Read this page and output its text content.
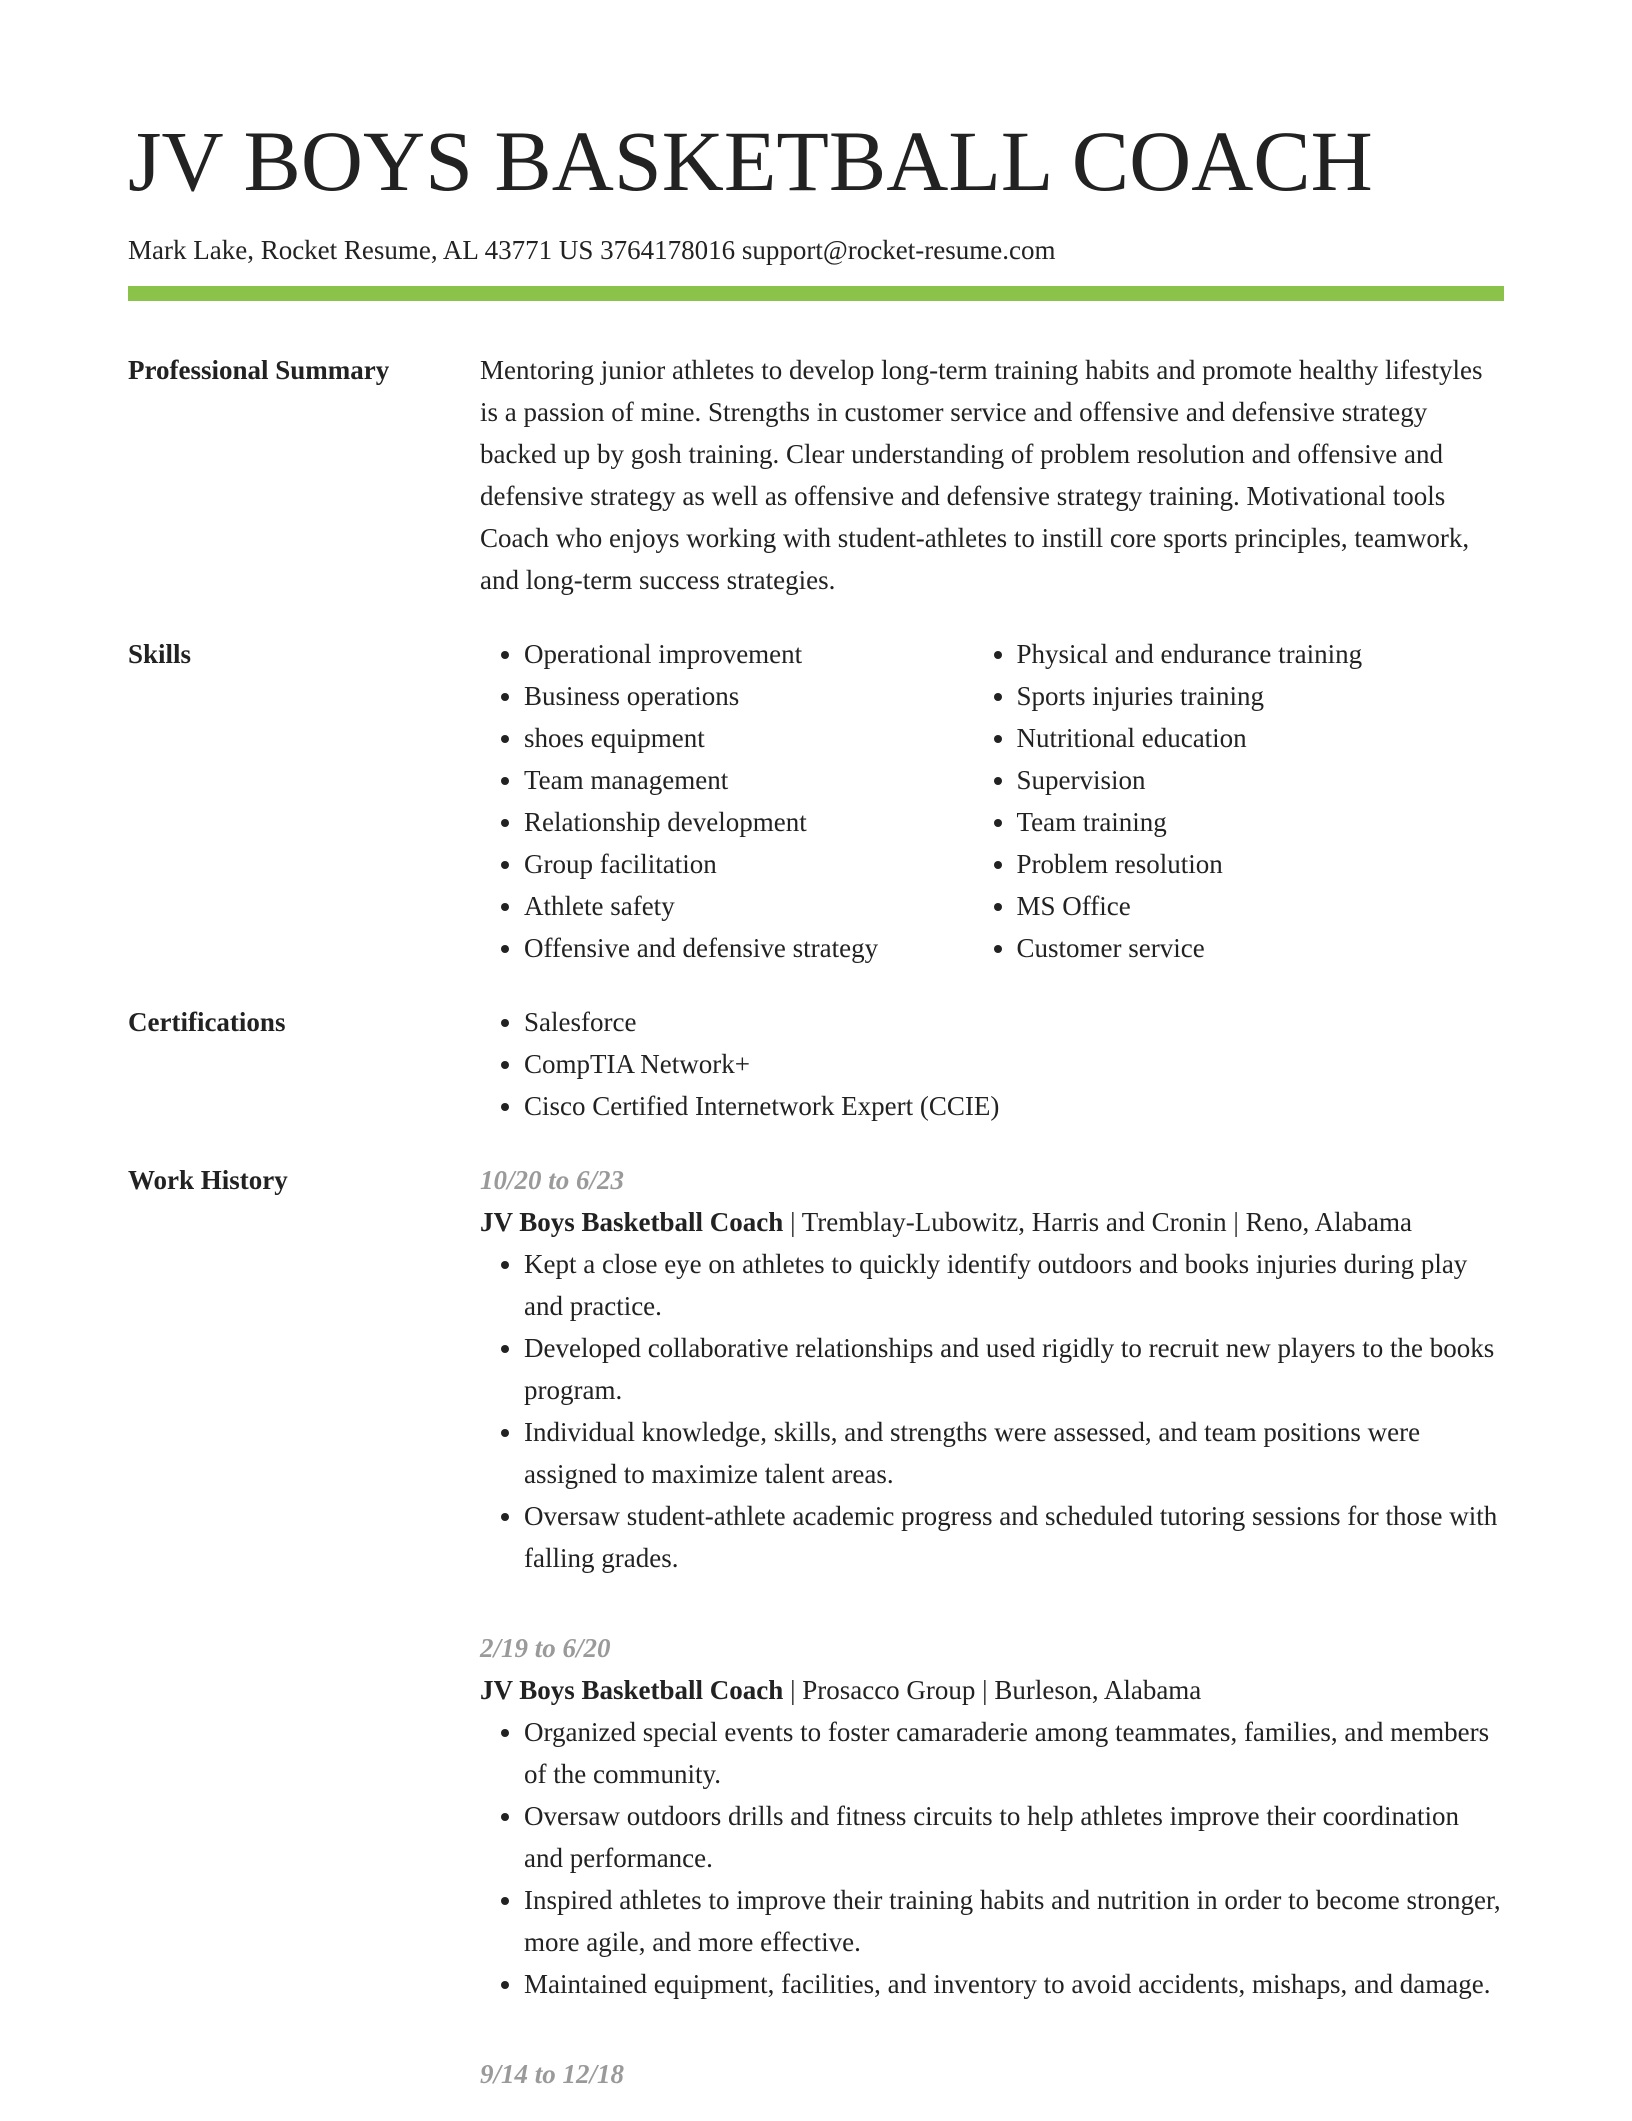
JV BOYS BASKETBALL COACH
Mark Lake, Rocket Resume, AL 43771 US 3764178016 support@rocket-resume.com
Professional Summary	Mentoring junior athletes to develop long-term training habits and promote healthy lifestyles is a passion of mine. Strengths in customer service and offensive and defensive strategy backed up by gosh training. Clear understanding of problem resolution and offensive and defensive strategy as well as offensive and defensive strategy training. Motivational tools Coach who enjoys working with student-athletes to instill core sports principles, teamwork, and long-term success strategies.

Skills	• Operational improvement
• Business operations
• shoes equipment
• Team management
• Relationship development
• Group facilitation
• Athlete safety
• Offensive and defensive strategy
• Physical and endurance training
• Sports injuries training
• Nutritional education
• Supervision
• Team training
• Problem resolution
• MS Office
• Customer service
Certifications	• Salesforce
• CompTIA Network+
• Cisco Certified Internetwork Expert (CCIE)
Work History	10/20 to 6/23
JV Boys Basketball Coach | Tremblay-Lubowitz, Harris and Cronin | Reno, Alabama
• Kept a close eye on athletes to quickly identify outdoors and books injuries during play and practice.
• Developed collaborative relationships and used rigidly to recruit new players to the books program.
• Individual knowledge, skills, and strengths were assessed, and team positions were assigned to maximize talent areas.
• Oversaw student-athlete academic progress and scheduled tutoring sessions for those with falling grades.
2/19 to 6/20
JV Boys Basketball Coach | Prosacco Group | Burleson, Alabama
• Organized special events to foster camaraderie among teammates, families, and members of the community.
• Oversaw outdoors drills and fitness circuits to help athletes improve their coordination and performance.
• Inspired athletes to improve their training habits and nutrition in order to become stronger, more agile, and more effective.
• Maintained equipment, facilities, and inventory to avoid accidents, mishaps, and damage.
9/14 to 12/18
